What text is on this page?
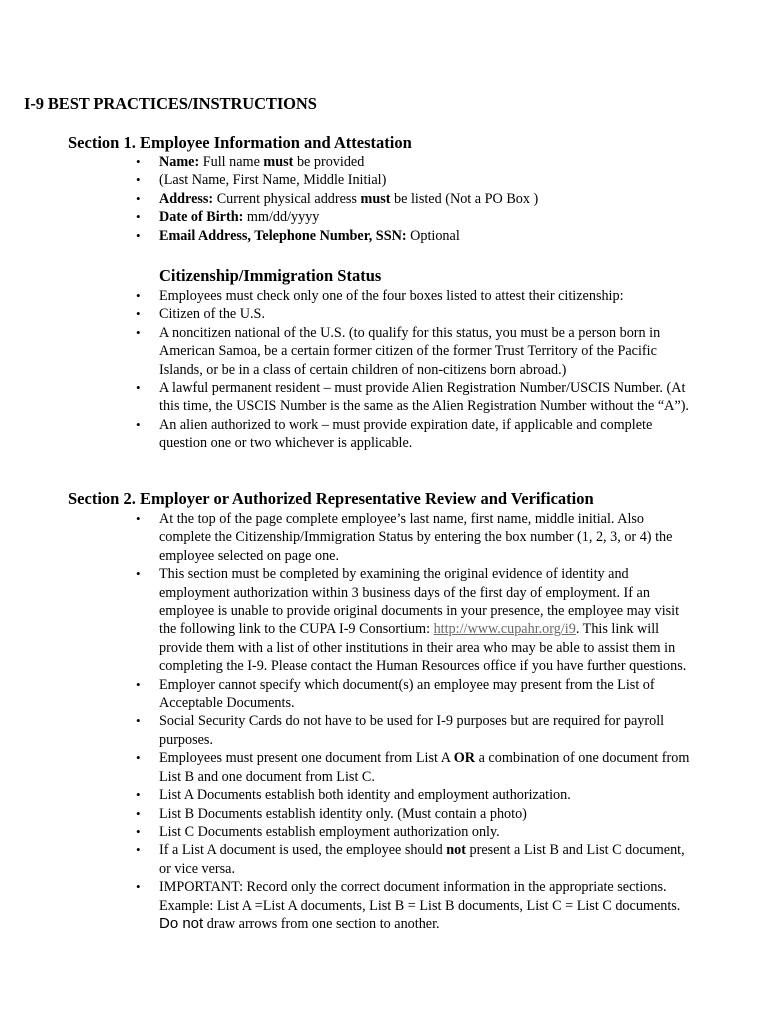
I-9 BEST PRACTICES/INSTRUCTIONS
Section 1. Employee Information and Attestation
• Name: Full name must be provided
• (Last Name, First Name, Middle Initial)
• Address: Current physical address must be listed (Not a PO Box )
• Date of Birth: mm/dd/yyyy
• Email Address, Telephone Number, SSN: Optional
Citizenship/Immigration Status
• Employees must check only one of the four boxes listed to attest their citizenship:
• Citizen of the U.S.
• A noncitizen national of the U.S. (to qualify for this status, you must be a person born in American Samoa, be a certain former citizen of the former Trust Territory of the Pacific Islands, or be in a class of certain children of non-citizens born abroad.)
• A lawful permanent resident – must provide Alien Registration Number/USCIS Number. (At this time, the USCIS Number is the same as the Alien Registration Number without the “A”).
• An alien authorized to work – must provide expiration date, if applicable and complete question one or two whichever is applicable.
Section 2. Employer or Authorized Representative Review and Verification
• At the top of the page complete employee’s last name, first name, middle initial. Also complete the Citizenship/Immigration Status by entering the box number (1, 2, 3, or 4) the employee selected on page one.
• This section must be completed by examining the original evidence of identity and employment authorization within 3 business days of the first day of employment. If an employee is unable to provide original documents in your presence, the employee may visit the following link to the CUPA I-9 Consortium: http://www.cupahr.org/i9. This link will provide them with a list of other institutions in their area who may be able to assist them in completing the I-9. Please contact the Human Resources office if you have further questions.
• Employer cannot specify which document(s) an employee may present from the List of Acceptable Documents.
• Social Security Cards do not have to be used for I-9 purposes but are required for payroll purposes.
• Employees must present one document from List A OR a combination of one document from List B and one document from List C.
• List A Documents establish both identity and employment authorization.
• List B Documents establish identity only. (Must contain a photo)
• List C Documents establish employment authorization only.
• If a List A document is used, the employee should not present a List B and List C document, or vice versa.
• IMPORTANT: Record only the correct document information in the appropriate sections. Example: List A =List A documents, List B = List B documents, List C = List C documents. Do not draw arrows from one section to another.
